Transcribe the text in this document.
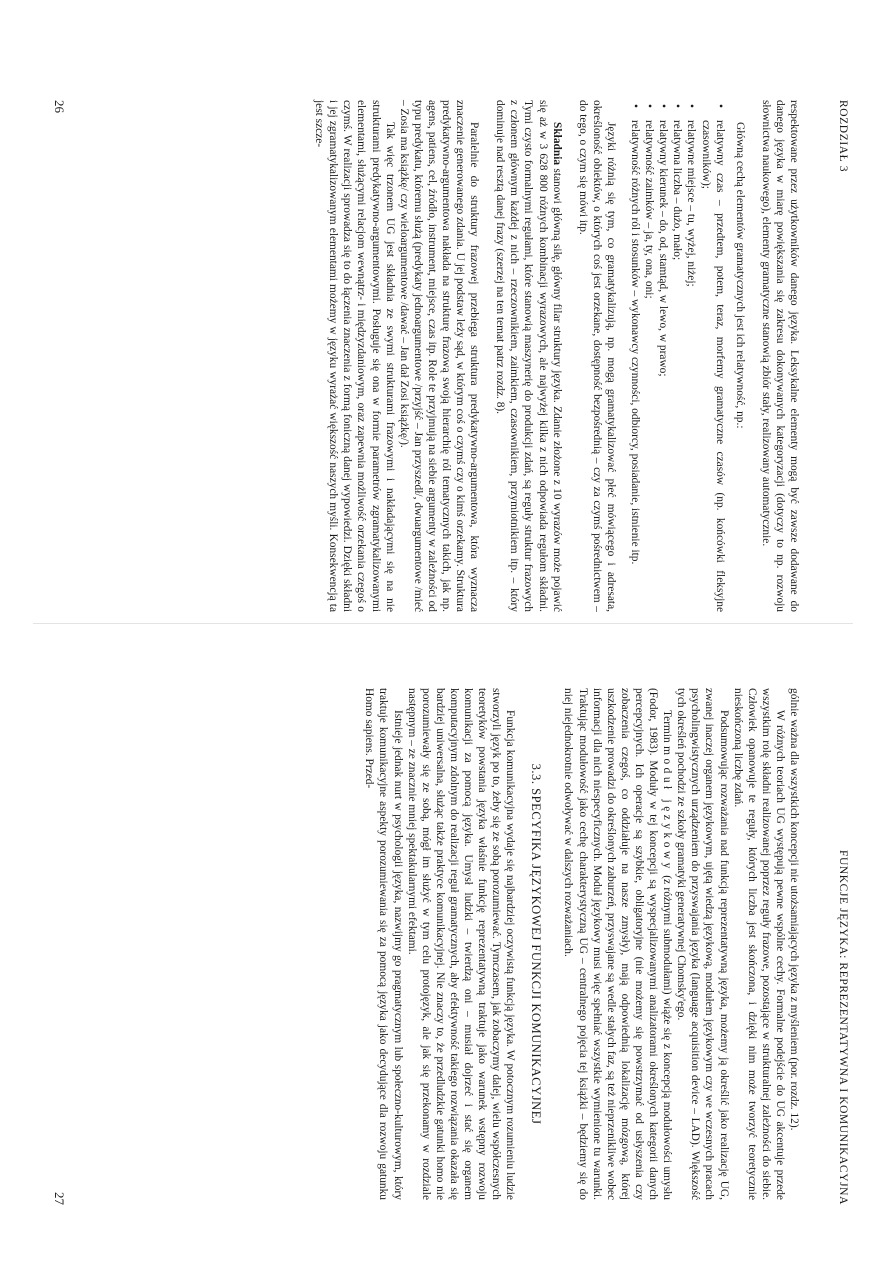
ROZDZIAŁ 3

respektowane przez użytkowników danego języka. Leksykalne elementy mogą być zawsze dodawane do danego języka w miarę powiększania się zakresu dokonywanych kategoryzacji (dotyczy to np. rozwoju słownictwa naukowego), elementy gramatyczne stanowią zbiór stały, realizowany automatycznie.

Główną cechą elementów gramatycznych jest ich relatywność, np.:

• relatywny czas – przedtem, potem, teraz, morfemy gramatyczne czasów (np. końcówki fleksyjne czasowników);
• relatywne miejsce – tu, wyżej, niżej;
• relatywna liczba – dużo, mało;
• relatywny kierunek – do, od, stamtąd, w lewo, w prawo;
• relatywność zaimków – ja, ty, ona, oni;
• relatywność różnych ról i stosunków – wykonawcy czynności, odbiorcy, posiadanie, istnienie itp.

Języki różnią się tym, co gramatykalizują, np. mogą gramatykalizować płeć mówiącego i adresata, określoność obiektów, o których coś jest orzekane, dostępność bezpośrednią – czy za czymś pośrednictwem – do tego, o czym się mówi itp.

Składnia stanowi główną siłę, główny filar struktury języka. Zdanie złożone z 10 wyrazów może pojawić się aż w 3 628 800 różnych kombinacji wyrazowych, ale najwyżej kilka z nich odpowiada regułom składni. Tymi czysto formalnymi regułami, które stanowią maszynerię do produkcji zdań, są reguły struktur frazowych z członem głównym każdej z nich – rzeczownikiem, zaimkiem, czasownikiem, przymiotnikiem itp. – który dominuje nad resztą danej frazy (szerzej na ten temat patrz rozdz. 8).

Paralelnie do struktury frazowej przebiega struktura predykatywno-argumentowa, która wyznacza znaczenie generowanego zdania. U jej podstaw leży sąd, w którym coś o czymś czy o kimś orzekamy. Struktura predykatywno-argumentowa nakłada na strukturę frazową swoją hierarchię ról tematycznych takich, jak np. agens, patiens, cel, źródło, instrument, miejsce, czas itp. Role te przyjmują na siebie argumenty w zależności od typu predykatu, któremu służą (predykaty jednoargumentowe /przyjść – Jan przyszedł/, dwuargumentowe /mieć – Zosia ma książkę/ czy wieloargumentowe /dawać – Jan dał Zosi książkę/).

Tak więc trzonem UG jest składnia ze swymi strukturami frazowymi i nakładającymi się na nie strukturami predykatywno-argumentowymi. Posługuje się ona w formie parametrów zgramatykalizowanymi elementami, służącymi relacjom wewnątrz- i międzyzdaniowym, oraz zapewnia możliwość orzekania czegoś o czymś. W realizacji sprowadza się to do łączenia znaczenia z formą foniczną danej wypowiedzi. Dzięki składni i jej zgramatykalizowanym elementami możemy w języku wyrażać większość naszych myśli. Konsekwencją ta jest szcze-

26
FUNKCJE JĘZYKA: REPREZENTATYWNA I KOMUNIKACYJNA

gólnie ważna dla wszystkich koncepcji nie utożsamiających języka z myśleniem (por. rozdz. 12).

W różnych teoriach UG występują pewne wspólne cechy. Formalne podejście do UG akcentuje przede wszystkim rolę składni realizowanej poprzez reguły frazowe, pozostające w strukturalnej zależności do siebie. Człowiek opanowuje te reguły, których liczba jest skończona, i dzięki nim może tworzyć teoretycznie nieskończoną liczbę zdań.

Podsumowując rozważania nad funkcją reprezentatywną języka, możemy ją określić jako realizację UG, zwanej inaczej organem językowym, ujętą wiedzą językową, modułem językowym czy we wczesnych pracach psycholingwistycznych urządzeniem do przyswajania języka (language acquisition device – LAD). Większość tych określeń pochodzi ze szkoły gramatyki generatywnej Chomsky'ego.

Termin moduł językowy (z różnymi submodułami) wiąże się z koncepcją modułowości umysłu (Fodor, 1983). Moduły w tej koncepcji są wyspecjalizowanymi analizatorami określonych kategorii danych percepcyjnych. Ich operacje są szybkie, obligatoryjne (nie możemy się powstrzymać od usłyszenia czy zobaczenia czegoś, co oddziałuje na nasze zmysły), mają odpowiednią lokalizację mózgową, której uszkodzenie prowadzi do określonych zaburzeń, przyswajane są wedle stałych faz, są też nieprzenikliwe wobec informacji dla nich niespecyficznych. Moduł językowy musi więc spełniać wszystkie wymienione tu warunki. Traktując modułowość jako cechę charakterystyczną UG – centralnego pojęcia tej książki – będziemy się do niej niejednokrotnie odwoływać w dalszych rozważaniach.

3.3. SPECYFIKA JĘZYKOWEJ FUNKCJI KOMUNIKACYJNEJ

Funkcja komunikacyjna wydaje się najbardziej oczywistą funkcją języka. W potocznym rozumieniu ludzie stworzyli język po to, żeby się ze sobą porozumiewać. Tymczasem, jak zobaczymy dalej, wielu współczesnych teoretyków powstania języka właśnie funkcję reprezentatywną traktuje jako warunek wstępny rozwoju komunikacji za pomocą języka. Umysł ludzki – twierdzą oni – musiał dojrzeć i stać się organem komputacyjnym zdolnym do realizacji reguł gramatycznych, aby efektywność takiego rozwiązania okazała się bardziej uniwersalna, służąc także praktyce komunikacyjnej. Nie znaczy to, że przedludzkie gatunki homo nie porozumiewały się ze sobą, mógł im służyć w tym celu protojęzyk, ale jak się przekonamy w rozdziale następnym – ze znacznie mniej spektakularnymi efektami.

Istnieje jednak nurt w psychologii języka, nazwijmy go pragmatycznym lub społeczno-kulturowym, który traktuje komunikacyjne aspekty porozumiewania się za pomocą języka jako decydujące dla rozwoju gatunku Homo sapiens. Przed-

27
